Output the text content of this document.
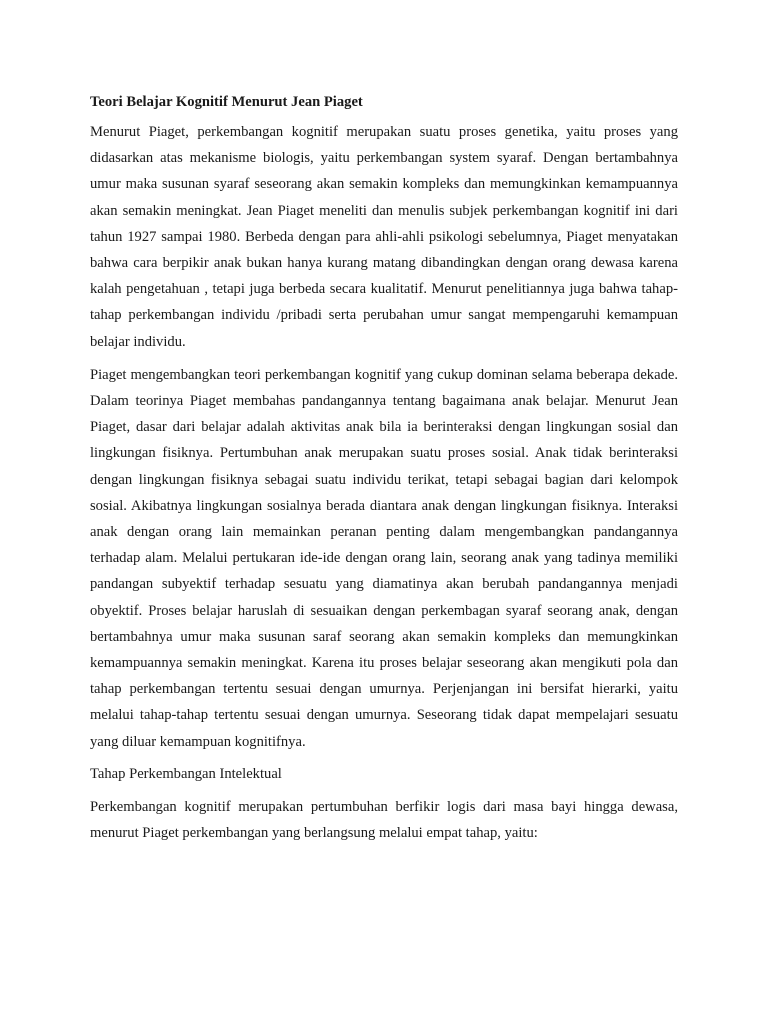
Teori Belajar Kognitif Menurut Jean Piaget

Menurut Piaget, perkembangan kognitif merupakan suatu proses genetika, yaitu proses yang didasarkan atas mekanisme biologis, yaitu perkembangan system syaraf. Dengan bertambahnya umur maka susunan syaraf seseorang akan semakin kompleks dan memungkinkan kemampuannya akan semakin meningkat. Jean Piaget meneliti dan menulis subjek perkembangan kognitif ini dari tahun 1927 sampai 1980. Berbeda dengan para ahli-ahli psikologi sebelumnya, Piaget menyatakan bahwa cara berpikir anak bukan hanya kurang matang dibandingkan dengan orang dewasa karena kalah pengetahuan , tetapi juga berbeda secara kualitatif. Menurut penelitiannya juga bahwa tahap-tahap perkembangan individu /pribadi serta perubahan umur sangat mempengaruhi kemampuan belajar individu.

Piaget mengembangkan teori perkembangan kognitif yang cukup dominan selama beberapa dekade. Dalam teorinya Piaget membahas pandangannya tentang bagaimana anak belajar. Menurut Jean Piaget, dasar dari belajar adalah aktivitas anak bila ia berinteraksi dengan lingkungan sosial dan lingkungan fisiknya. Pertumbuhan anak merupakan suatu proses sosial. Anak tidak berinteraksi dengan lingkungan fisiknya sebagai suatu individu terikat, tetapi sebagai bagian dari kelompok sosial. Akibatnya lingkungan sosialnya berada diantara anak dengan lingkungan fisiknya. Interaksi anak dengan orang lain memainkan peranan penting dalam mengembangkan pandangannya terhadap alam. Melalui pertukaran ide-ide dengan orang lain, seorang anak yang tadinya memiliki pandangan subyektif terhadap sesuatu yang diamatinya akan berubah pandangannya menjadi obyektif. Proses belajar haruslah di sesuaikan dengan perkembagan syaraf seorang anak, dengan bertambahnya umur maka susunan saraf seorang akan semakin kompleks dan memungkinkan kemampuannya semakin meningkat. Karena itu proses belajar seseorang akan mengikuti pola dan tahap perkembangan tertentu sesuai dengan umurnya. Perjenjangan ini bersifat hierarki, yaitu melalui tahap-tahap tertentu sesuai dengan umurnya. Seseorang tidak dapat mempelajari sesuatu yang diluar kemampuan kognitifnya.

Tahap Perkembangan Intelektual

Perkembangan kognitif merupakan pertumbuhan berfikir logis dari masa bayi hingga dewasa, menurut Piaget perkembangan yang berlangsung melalui empat tahap, yaitu:
